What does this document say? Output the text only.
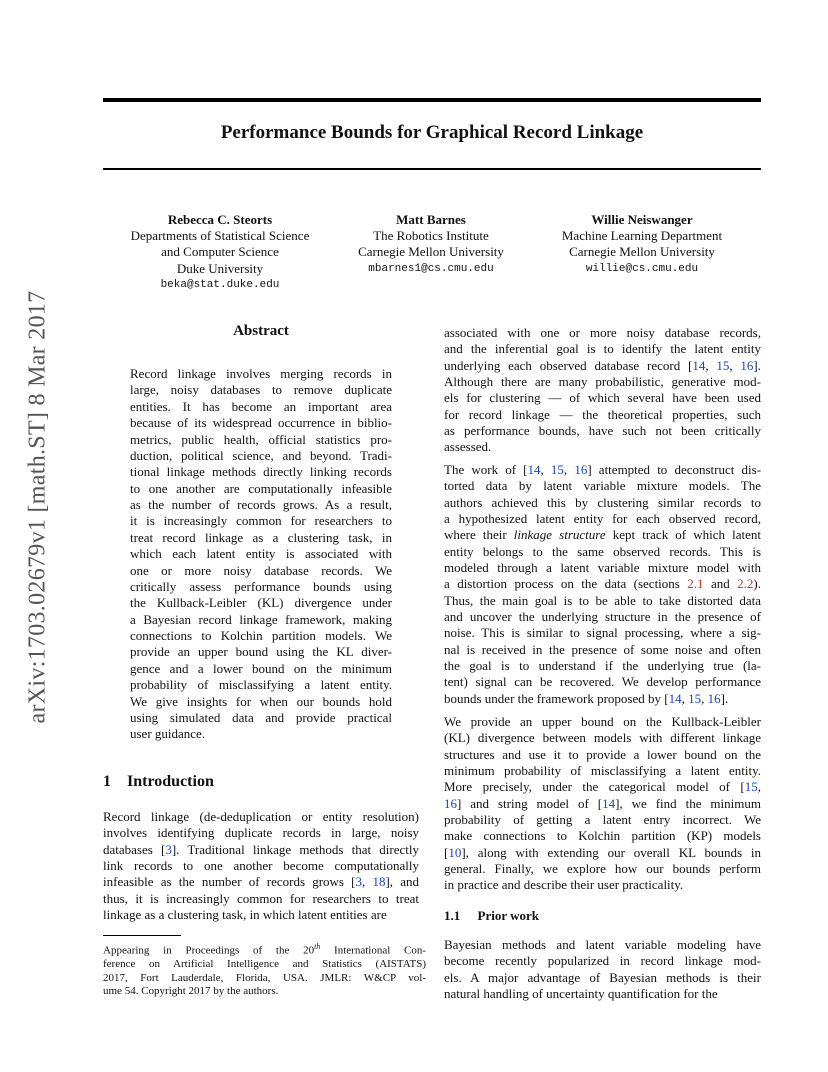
arXiv:1703.02679v1 [math.ST] 8 Mar 2017
Performance Bounds for Graphical Record Linkage
Rebecca C. Steorts
Departments of Statistical Science
and Computer Science
Duke University
beka@stat.duke.edu
Matt Barnes
The Robotics Institute
Carnegie Mellon University
mbarnes1@cs.cmu.edu
Willie Neiswanger
Machine Learning Department
Carnegie Mellon University
willie@cs.cmu.edu
Abstract
Record linkage involves merging records in
large, noisy databases to remove duplicate
entities. It has become an important area
because of its widespread occurrence in biblio-
metrics, public health, official statistics pro-
duction, political science, and beyond. Tradi-
tional linkage methods directly linking records
to one another are computationally infeasible
as the number of records grows. As a result,
it is increasingly common for researchers to
treat record linkage as a clustering task, in
which each latent entity is associated with
one or more noisy database records. We
critically assess performance bounds using
the Kullback-Leibler (KL) divergence under
a Bayesian record linkage framework, making
connections to Kolchin partition models. We
provide an upper bound using the KL diver-
gence and a lower bound on the minimum
probability of misclassifying a latent entity.
We give insights for when our bounds hold
using simulated data and provide practical
user guidance.
1 Introduction
Record linkage (de-deduplication or entity resolution)
involves identifying duplicate records in large, noisy
databases [3]. Traditional linkage methods that directly
link records to one another become computationally
infeasible as the number of records grows [3, 18], and
thus, it is increasingly common for researchers to treat
linkage as a clustering task, in which latent entities are
Appearing in Proceedings of the 20th International Con-
ference on Artificial Intelligence and Statistics (AISTATS)
2017, Fort Lauderdale, Florida, USA. JMLR: W&CP vol-
ume 54. Copyright 2017 by the authors.
associated with one or more noisy database records,
and the inferential goal is to identify the latent entity
underlying each observed database record [14, 15, 16].
Although there are many probabilistic, generative mod-
els for clustering — of which several have been used
for record linkage — the theoretical properties, such
as performance bounds, have such not been critically
assessed.
The work of [14, 15, 16] attempted to deconstruct dis-
torted data by latent variable mixture models. The
authors achieved this by clustering similar records to
a hypothesized latent entity for each observed record,
where their linkage structure kept track of which latent
entity belongs to the same observed records. This is
modeled through a latent variable mixture model with
a distortion process on the data (sections 2.1 and 2.2).
Thus, the main goal is to be able to take distorted data
and uncover the underlying structure in the presence of
noise. This is similar to signal processing, where a sig-
nal is received in the presence of some noise and often
the goal is to understand if the underlying true (la-
tent) signal can be recovered. We develop performance
bounds under the framework proposed by [14, 15, 16].
We provide an upper bound on the Kullback-Leibler
(KL) divergence between models with different linkage
structures and use it to provide a lower bound on the
minimum probability of misclassifying a latent entity.
More precisely, under the categorical model of [15,
16] and string model of [14], we find the minimum
probability of getting a latent entry incorrect. We
make connections to Kolchin partition (KP) models
[10], along with extending our overall KL bounds in
general. Finally, we explore how our bounds perform
in practice and describe their user practicality.
1.1 Prior work
Bayesian methods and latent variable modeling have
become recently popularized in record linkage mod-
els. A major advantage of Bayesian methods is their
natural handling of uncertainty quantification for the
